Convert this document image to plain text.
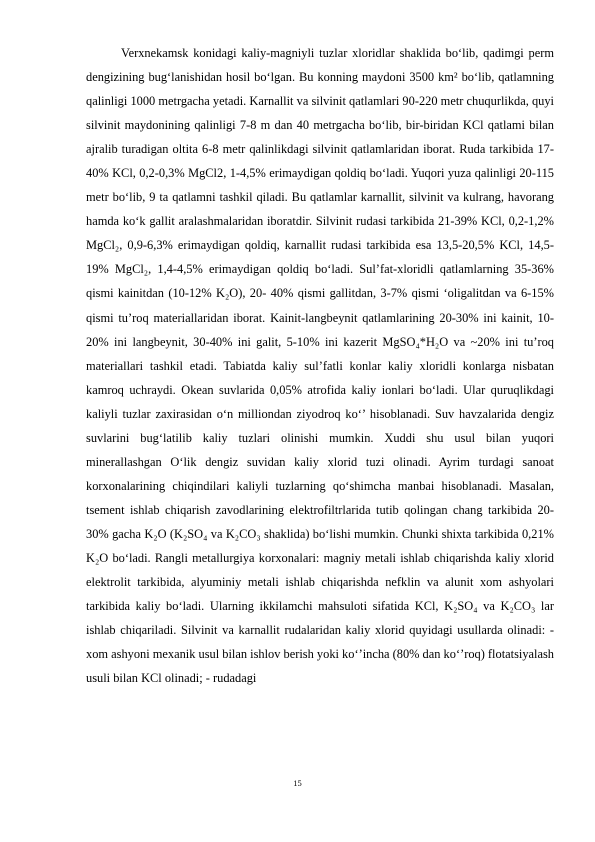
Verxnekamsk konidagi kaliy-magniyli tuzlar xloridlar shaklida bo‘lib, qadimgi perm dengizining bug‘lanishidan hosil bo‘lgan. Bu konning maydoni 3500 km² bo‘lib, qatlamning qalinligi 1000 metrgacha yetadi. Karnallit va silvinit qatlamlari 90-220 metr chuqurlikda, quyi silvinit maydonining qalinligi 7-8 m dan 40 metrgacha bo‘lib, bir-biridan KCl qatlami bilan ajralib turadigan oltita 6-8 metr qalinlikdagi silvinit qatlamlaridan iborat. Ruda tarkibida 17-40% KCl, 0,2-0,3% MgCl2, 1-4,5% erimaydigan qoldiq bo‘ladi. Yuqori yuza qalinligi 20-115 metr bo‘lib, 9 ta qatlamni tashkil qiladi. Bu qatlamlar karnallit, silvinit va kulrang, havorang hamda ko‘k gallit aralashmalaridan iboratdir. Silvinit rudasi tarkibida 21-39% KCl, 0,2-1,2% MgCl₂, 0,9-6,3% erimaydigan qoldiq, karnallit rudasi tarkibida esa 13,5-20,5% KCl, 14,5-19% MgCl₂, 1,4-4,5% erimaydigan qoldiq bo‘ladi. Sul’fat-xloridli qatlamlarning 35-36% qismi kainitdan (10-12% K₂O), 20- 40% qismi gallitdan, 3-7% qismi ‘oligalitdan va 6-15% qismi tu’roq materiallaridan iborat. Kainit-langbeynit qatlamlarining 20-30% ini kainit, 10-20% ini langbeynit, 30-40% ini galit, 5-10% ini kazerit MgSO₄*H₂O va ~20% ini tu’roq materiallari tashkil etadi. Tabiatda kaliy sul’fatli konlar kaliy xloridli konlarga nisbatan kamroq uchraydi. Okean suvlarida 0,05% atrofida kaliy ionlari bo‘ladi. Ular quruqlikdagi kaliyli tuzlar zaxirasidan o‘n milliondan ziyodroq ko‘’ hisoblanadi. Suv havzalarida dengiz suvlarini bug‘latilib kaliy tuzlari olinishi mumkin. Xuddi shu usul bilan yuqori minerallashgan O‘lik dengiz suvidan kaliy xlorid tuzi olinadi. Ayrim turdagi sanoat korxonalarining chiqindilari kaliyli tuzlarning qo‘shimcha manbai hisoblanadi. Masalan, tsement ishlab chiqarish zavodlarining elektrofiltrlarida tutib qolingan chang tarkibida 20-30% gacha K₂O (K₂SO₄ va K₂CO₃ shaklida) bo‘lishi mumkin. Chunki shixta tarkibida 0,21% K₂O bo‘ladi. Rangli metallurgiya korxonalari: magniy metali ishlab chiqarishda kaliy xlorid elektrolit tarkibida, alyuminiy metali ishlab chiqarishda nefklin va alunit xom ashyolari tarkibida kaliy bo‘ladi. Ularning ikkilamchi mahsuloti sifatida KCl, K₂SO₄ va K₂CO₃ lar ishlab chiqariladi. Silvinit va karnallit rudalaridan kaliy xlorid quyidagi usullarda olinadi: - xom ashyoni mexanik usul bilan ishlov berish yoki ko‘’incha (80% dan ko‘’roq) flotatsiyalash usuli bilan KCl olinadi; - rudadagi

15
